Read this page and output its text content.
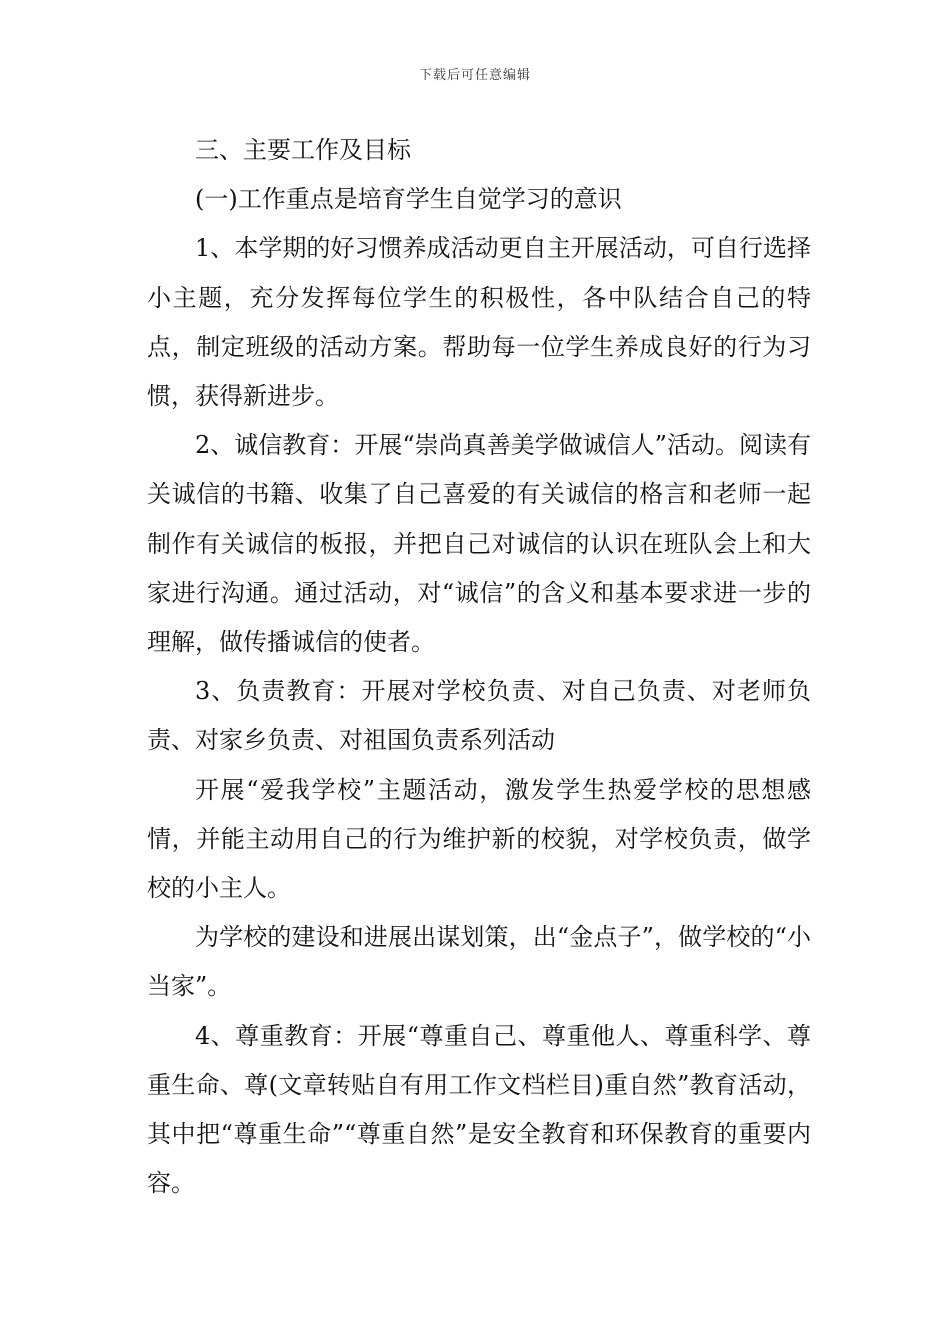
下载后可任意编辑

三、主要工作及目标

(一)工作重点是培育学生自觉学习的意识

1、本学期的好习惯养成活动更自主开展活动，可自行选择小主题，充分发挥每位学生的积极性，各中队结合自己的特点，制定班级的活动方案。帮助每一位学生养成良好的行为习惯，获得新进步。

2、诚信教育：开展“崇尚真善美学做诚信人”活动。阅读有关诚信的书籍、收集了自己喜爱的有关诚信的格言和老师一起制作有关诚信的板报，并把自己对诚信的认识在班队会上和大家进行沟通。通过活动，对“诚信”的含义和基本要求进一步的理解，做传播诚信的使者。

3、负责教育：开展对学校负责、对自己负责、对老师负责、对家乡负责、对祖国负责系列活动

开展“爱我学校”主题活动，激发学生热爱学校的思想感情，并能主动用自己的行为维护新的校貌，对学校负责，做学校的小主人。

为学校的建设和进展出谋划策，出“金点子”，做学校的“小当家”。

4、尊重教育：开展“尊重自己、尊重他人、尊重科学、尊重生命、尊(文章转贴自有用工作文档栏目)重自然”教育活动，其中把“尊重生命”“尊重自然”是安全教育和环保教育的重要内容。
